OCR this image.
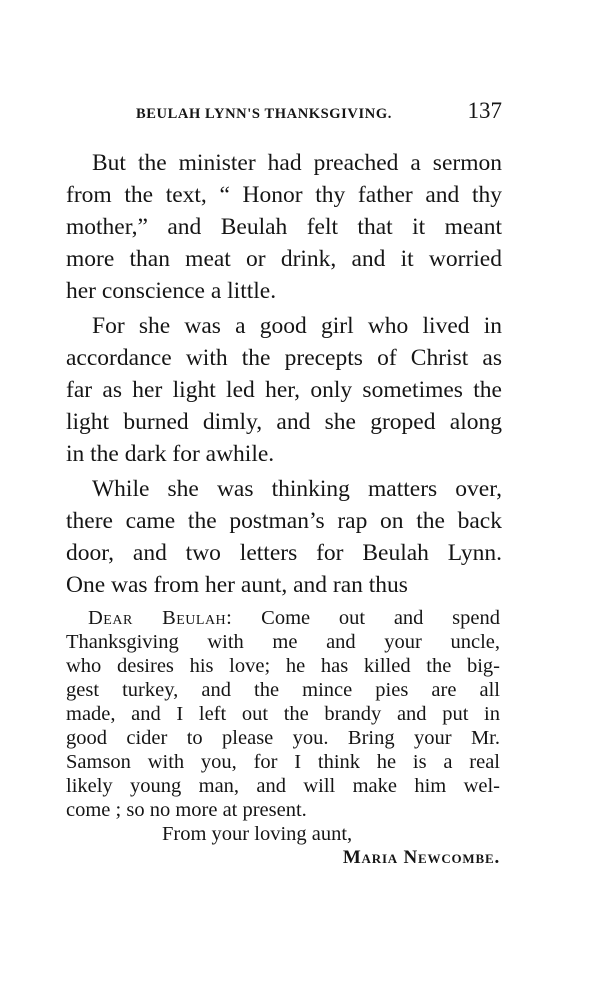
BEULAH LYNN'S THANKSGIVING.	137
But the minister had preached a sermon
from the text, “ Honor thy father and thy
mother,” and Beulah felt that it meant
more than meat or drink, and it worried
her conscience a little.
For she was a good girl who lived in
accordance with the precepts of Christ as
far as her light led her, only sometimes the
light burned dimly, and she groped along
in the dark for awhile.
While she was thinking matters over,
there came the postman’s rap on the back
door, and two letters for Beulah Lynn.
One was from her aunt, and ran thus
Dear Beulah: Come out and spend
Thanksgiving with me and your uncle,
who desires his love; he has killed the big-
gest turkey, and the mince pies are all
made, and I left out the brandy and put in
good cider to please you. Bring your Mr.
Samson with you, for I think he is a real
likely young man, and will make him wel-
come ; so no more at present.
From your loving aunt,
Maria Newcombe.
